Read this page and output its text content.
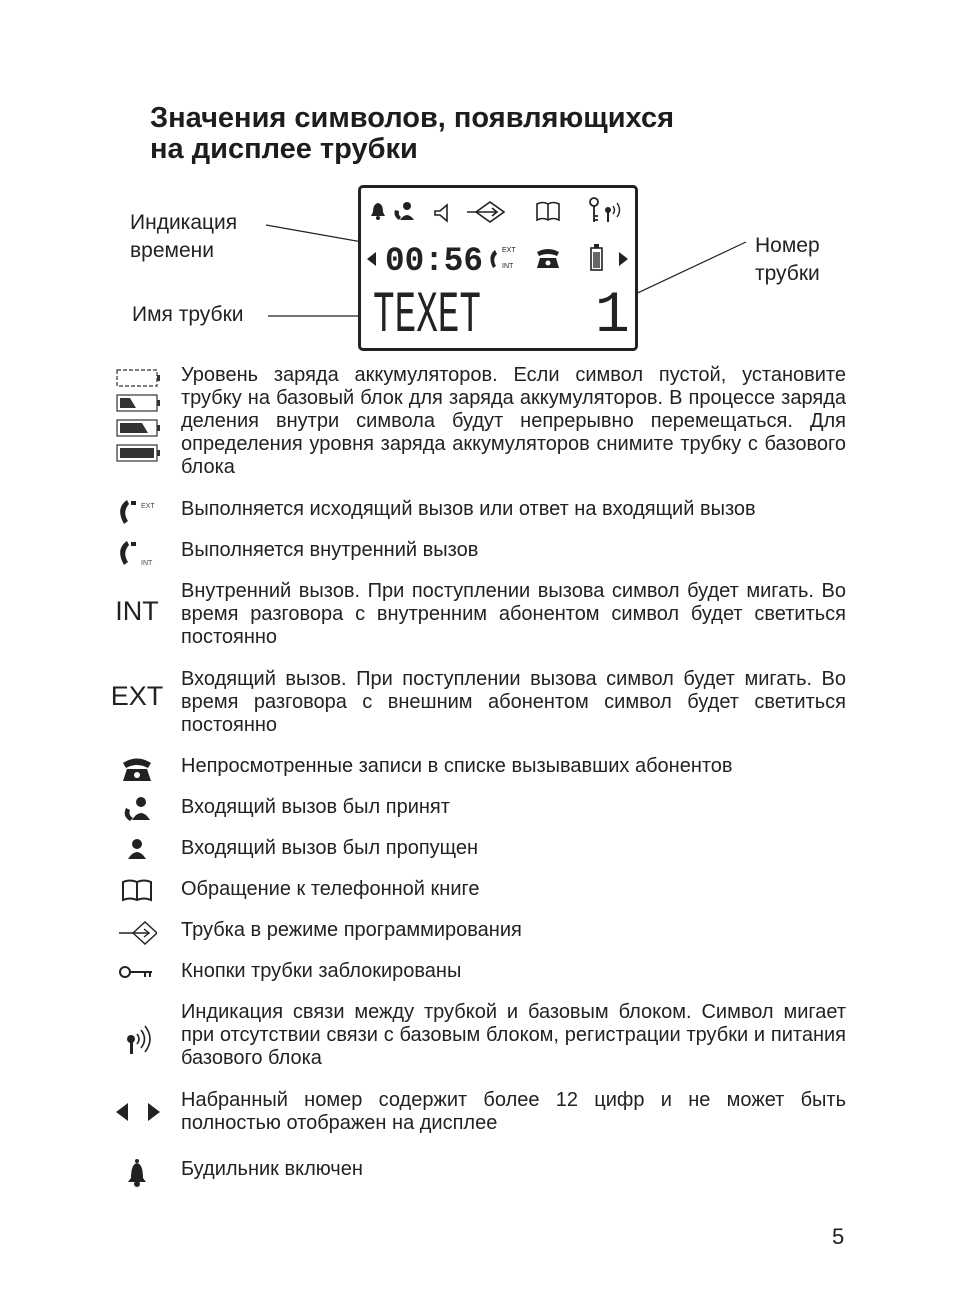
Значения символов, появляющихся
на дисплее трубки
Индикация
времени
Имя трубки
Номер
трубки
00:56	INT
EXT
TEXET 1
Уровень заряда аккумуляторов. Если символ пустой, установите трубку на базовый блок для заряда аккумуляторов. В процессе заряда деления внутри символа будут непрерывно перемещаться. Для определения уровня заряда аккумуляторов снимите трубку с базового блока
EXT Выполняется исходящий вызов или ответ на входящий вызов
INT
Выполняется внутренний вызов
INT
Внутренний вызов. При поступлении вызова символ будет мигать. Во время разговора с внутренним абонентом символ будет светиться постоянно
EXT
Входящий вызов. При поступлении вызова символ будет мигать. Во время разговора с внешним абонентом символ будет светиться постоянно
Непросмотренные записи в списке вызывавших абонентов
Входящий вызов был принят
Входящий вызов был пропущен
Обращение к телефонной книге
Трубка в режиме программирования
Кнопки трубки заблокированы
Индикация связи между трубкой и базовым блоком. Символ мигает при отсутствии связи с базовым блоком, регистрации трубки и питания базового блока
Набранный номер содержит более 12 цифр и не может быть полностью отображен на дисплее
Будильник включен
5
